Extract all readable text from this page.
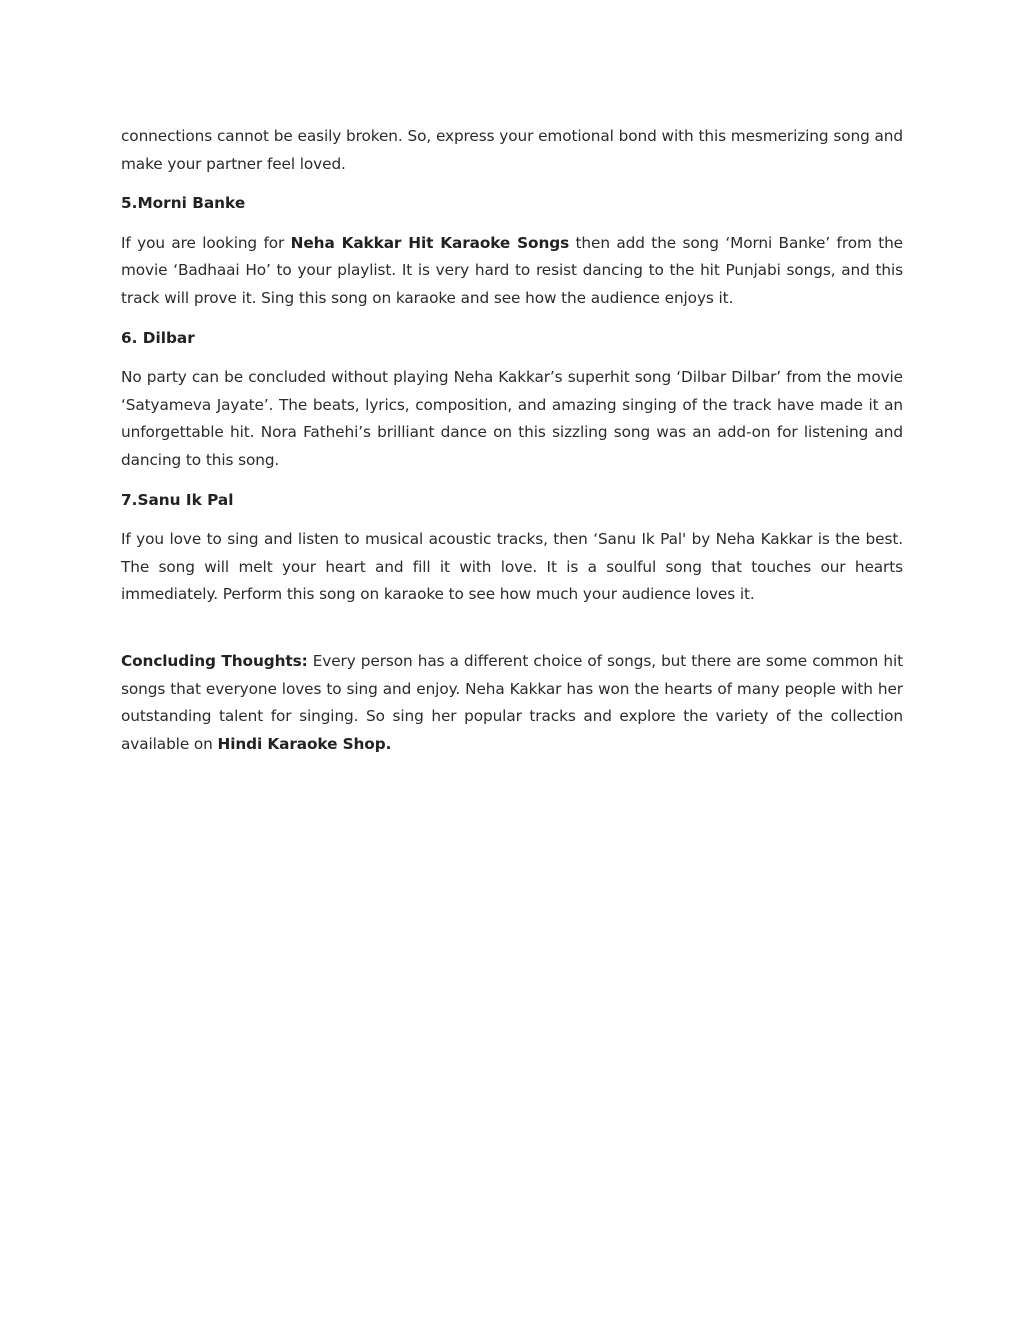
connections cannot be easily broken. So, express your emotional bond with this mesmerizing song and make your partner feel loved.

5.Morni Banke

If you are looking for Neha Kakkar Hit Karaoke Songs then add the song ‘Morni Banke’ from the movie ‘Badhaai Ho’ to your playlist. It is very hard to resist dancing to the hit Punjabi songs, and this track will prove it. Sing this song on karaoke and see how the audience enjoys it.

6. Dilbar

No party can be concluded without playing Neha Kakkar’s superhit song ‘Dilbar Dilbar’ from the movie ‘Satyameva Jayate’. The beats, lyrics, composition, and amazing singing of the track have made it an unforgettable hit. Nora Fathehi’s brilliant dance on this sizzling song was an add-on for listening and dancing to this song.

7.Sanu Ik Pal

If you love to sing and listen to musical acoustic tracks, then ‘Sanu Ik Pal' by Neha Kakkar is the best. The song will melt your heart and fill it with love. It is a soulful song that touches our hearts immediately. Perform this song on karaoke to see how much your audience loves it.

Concluding Thoughts: Every person has a different choice of songs, but there are some common hit songs that everyone loves to sing and enjoy. Neha Kakkar has won the hearts of many people with her outstanding talent for singing. So sing her popular tracks and explore the variety of the collection available on Hindi Karaoke Shop.
